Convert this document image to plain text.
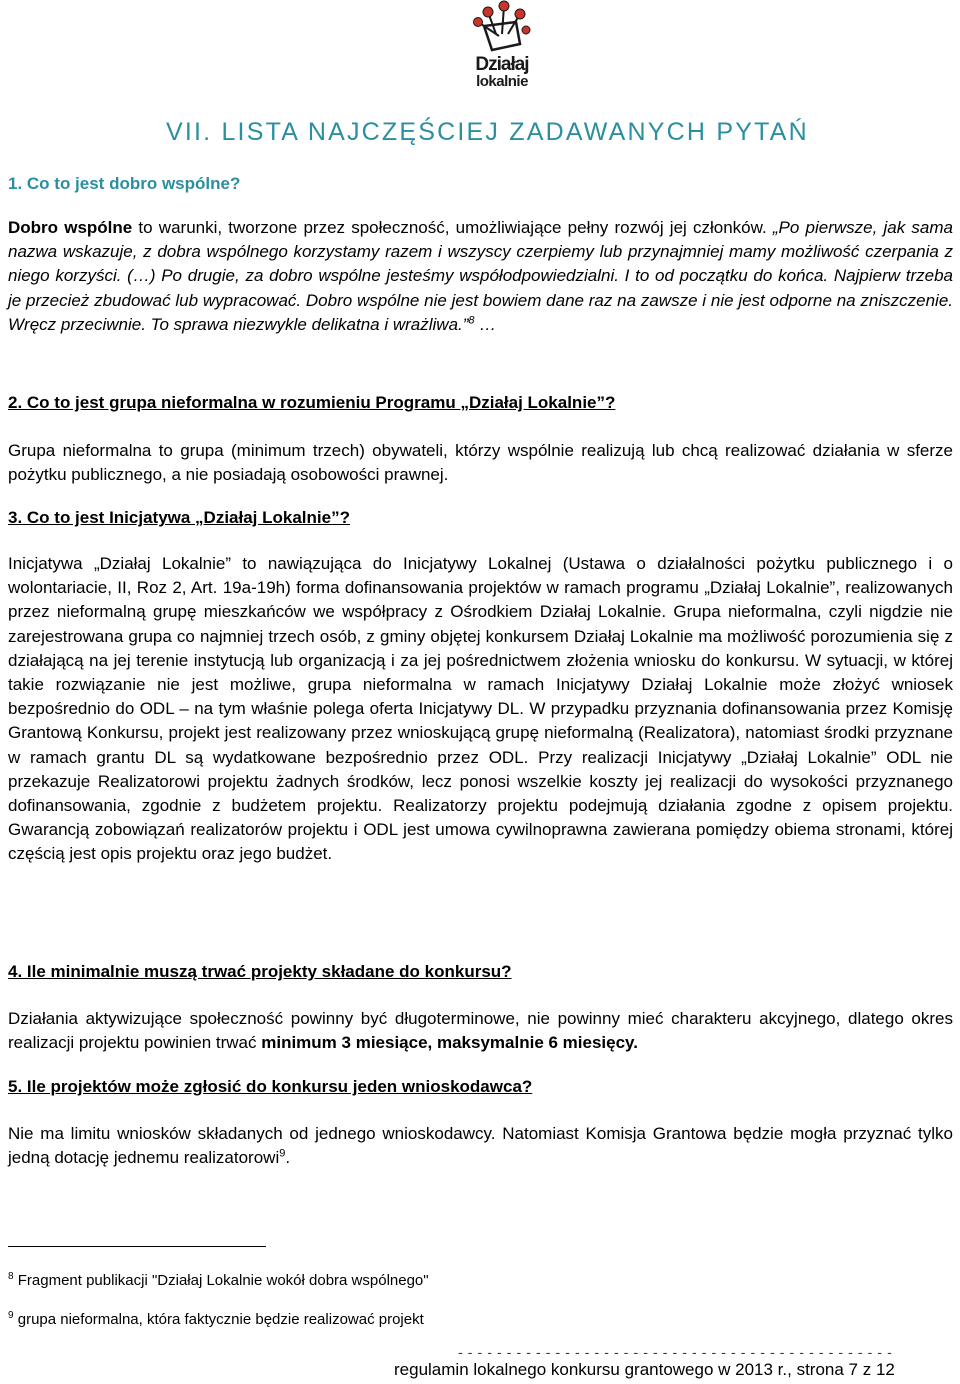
Działaj
lokalnie
VII. LISTA NAJCZĘŚCIEJ ZADAWANYCH PYTAŃ

1. Co to jest dobro wspólne?

Dobro wspólne to warunki, tworzone przez społeczność, umożliwiające pełny rozwój jej członków. „Po pierwsze, jak sama nazwa wskazuje, z dobra wspólnego korzystamy razem i wszyscy czerpiemy lub przynajmniej mamy możliwość czerpania z niego korzyści. (…) Po drugie, za dobro wspólne jesteśmy współodpowiedzialni. I to od początku do końca. Najpierw trzeba je przecież zbudować lub wypracować. Dobro wspólne nie jest bowiem dane raz na zawsze i nie jest odporne na zniszczenie. Wręcz przeciwnie. To sprawa niezwykle delikatna i wrażliwa.”$^8$ …

2. Co to jest grupa nieformalna w rozumieniu Programu „Działaj Lokalnie”?

Grupa nieformalna to grupa (minimum trzech) obywateli, którzy wspólnie realizują lub chcą realizować działania w sferze pożytku publicznego, a nie posiadają osobowości prawnej.

3. Co to jest Inicjatywa „Działaj Lokalnie”?

Inicjatywa „Działaj Lokalnie” to nawiązująca do Inicjatywy Lokalnej (Ustawa o działalności pożytku publicznego i o wolontariacie, II, Roz 2, Art. 19a-19h) forma dofinansowania projektów w ramach programu „Działaj Lokalnie”, realizowanych przez nieformalną grupę mieszkańców we współpracy z Ośrodkiem Działaj Lokalnie. Grupa nieformalna, czyli nigdzie nie zarejestrowana grupa co najmniej trzech osób, z gminy objętej konkursem Działaj Lokalnie ma możliwość porozumienia się z działającą na jej terenie instytucją lub organizacją i za jej pośrednictwem złożenia wniosku do konkursu. W sytuacji, w której takie rozwiązanie nie jest możliwe, grupa nieformalna w ramach Inicjatywy Działaj Lokalnie może złożyć wniosek bezpośrednio do ODL – na tym właśnie polega oferta Inicjatywy DL. W przypadku przyznania dofinansowania przez Komisję Grantową Konkursu, projekt jest realizowany przez wnioskującą grupę nieformalną (Realizatora), natomiast środki przyznane w ramach grantu DL są wydatkowane bezpośrednio przez ODL. Przy realizacji Inicjatywy „Działaj Lokalnie” ODL nie przekazuje Realizatorowi projektu żadnych środków, lecz ponosi wszelkie koszty jej realizacji do wysokości przyznanego dofinansowania, zgodnie z budżetem projektu. Realizatorzy projektu podejmują działania zgodne z opisem projektu. Gwarancją zobowiązań realizatorów projektu i ODL jest umowa cywilnoprawna zawierana pomiędzy obiema stronami, której częścią jest opis projektu oraz jego budżet.

4. Ile minimalnie muszą trwać projekty składane do konkursu?

Działania aktywizujące społeczność powinny być długoterminowe, nie powinny mieć charakteru akcyjnego, dlatego okres realizacji projektu powinien trwać minimum 3 miesiące, maksymalnie 6 miesięcy.

5. Ile projektów może zgłosić do konkursu jeden wnioskodawca?

Nie ma limitu wniosków składanych od jednego wnioskodawcy. Natomiast Komisja Grantowa będzie mogła przyznać tylko jedną dotację jednemu realizatorowi$^9$.

$^8$ Fragment publikacji "Działaj Lokalnie wokół dobra wspólnego"

$^9$ grupa nieformalna, która faktycznie będzie realizować projekt

- - - - - - - - - - - - - - - - - - - - - - - - - - - - - - - - - - - - - - - - - - - - -
regulamin lokalnego konkursu grantowego w 2013 r., strona 7 z 12
